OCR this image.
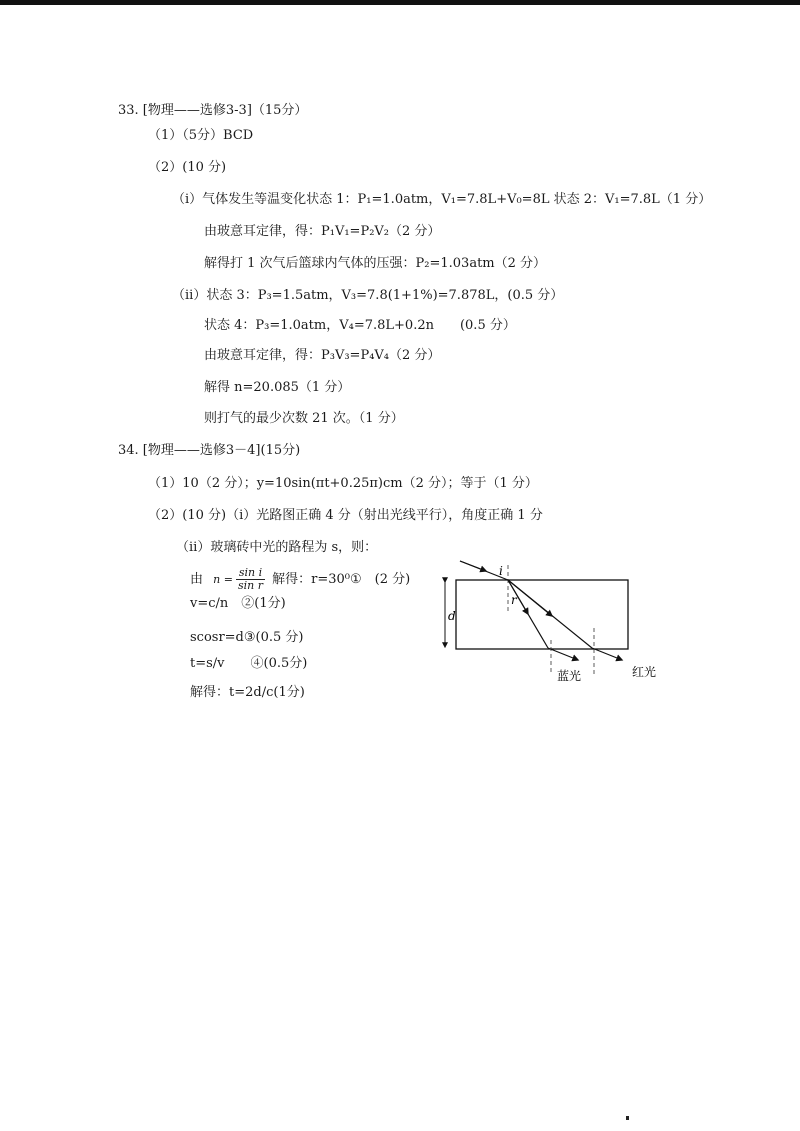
33. [物理——选修3-3]（15分）
（1）（5分）BCD
（2）(10 分)
（i）气体发生等温变化状态 1：P₁=1.0atm，V₁=7.8L+V₀=8L 状态 2：V₁=7.8L（1 分）
由玻意耳定律，得：P₁V₁=P₂V₂（2 分）
解得打 1 次气后篮球内气体的压强：P₂=1.03atm（2 分）
（ii）状态 3：P₃=1.5atm，V₃=7.8(1+1%)=7.878L，(0.5 分）
状态 4：P₃=1.0atm，V₄=7.8L+0.2n　　(0.5 分）
由玻意耳定律，得：P₃V₃=P₄V₄（2 分）
解得 n=20.085（1 分）
则打气的最少次数 21 次。（1 分）
34. [物理——选修3－4](15分)
（1）10（2 分）；y=10sin(πt+0.25π)cm（2 分）；等于（1 分）
（2）(10 分)（ⅰ）光路图正确 4 分（射出光线平行），角度正确 1 分
（ⅱ）玻璃砖中光的路程为 s，则：
由 $n = \frac{\text{sin i}}{\text{sin r}}$ 解得：r=30⁰①　(2 分)
v=c/n　②(1分)
scosr=d③(0.5 分)
t=s/v　　④(0.5分)
解得：t=2d/c(1分)
d
i
r
蓝光	红光
